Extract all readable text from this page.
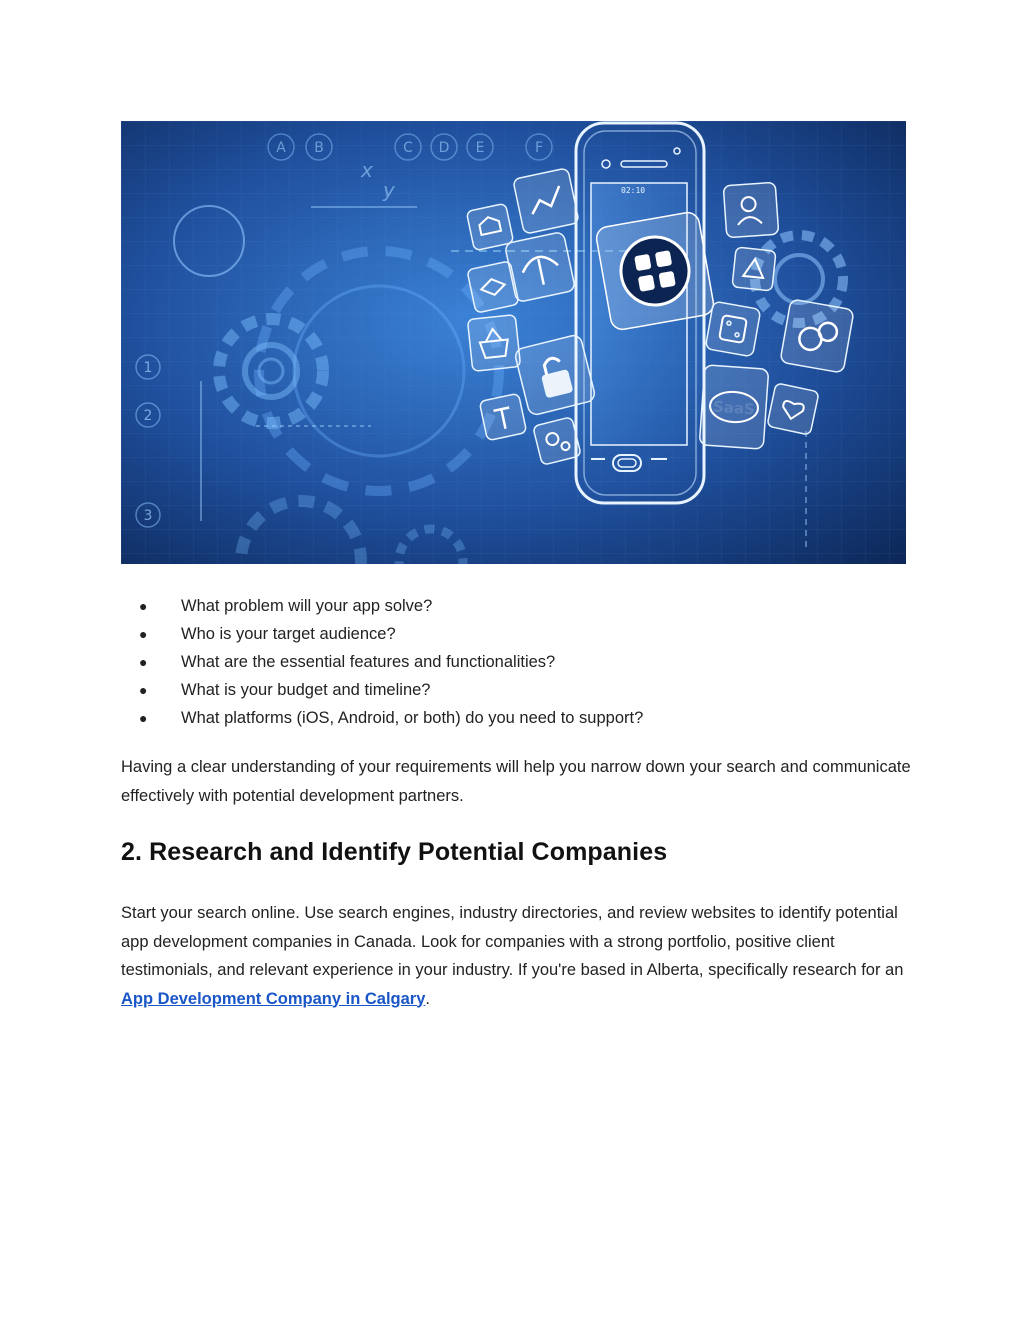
1
2
3
A B	C D E	F
x
y	02:10
SaaS
● What problem will your app solve?
● Who is your target audience?
● What are the essential features and functionalities?
● What is your budget and timeline?
● What platforms (iOS, Android, or both) do you need to support?

Having a clear understanding of your requirements will help you narrow down your search and communicate effectively with potential development partners.

2. Research and Identify Potential Companies

Start your search online. Use search engines, industry directories, and review websites to identify potential app development companies in Canada. Look for companies with a strong portfolio, positive client testimonials, and relevant experience in your industry. If you're based in Alberta, specifically research for an App Development Company in Calgary.
